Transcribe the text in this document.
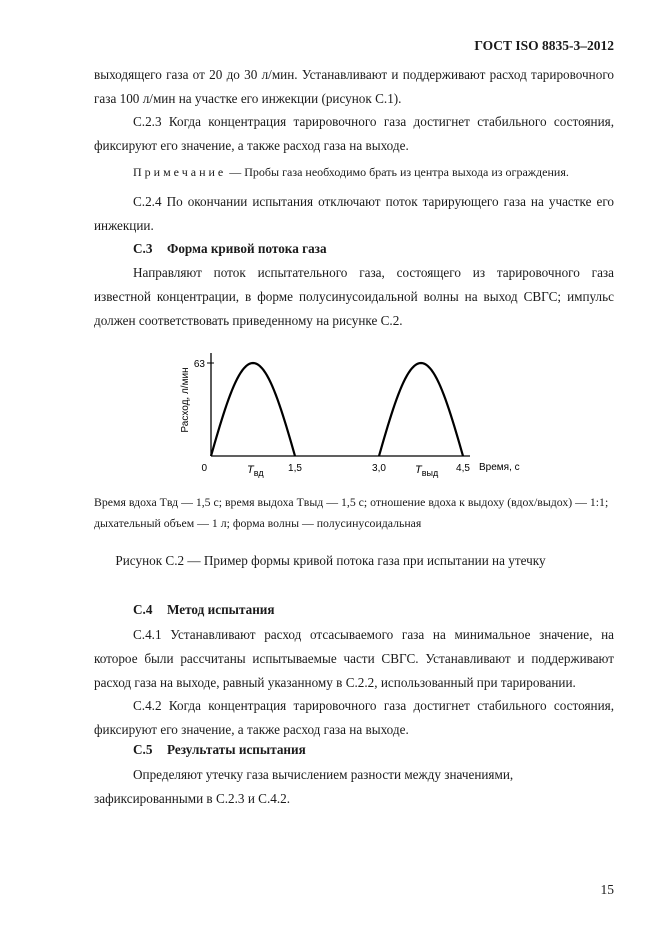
ГОСТ ISO 8835-3–2012
выходящего газа от 20 до 30 л/мин. Устанавливают и поддерживают расход тарировочного газа 100 л/мин на участке его инжекции (рисунок С.1).
С.2.3 Когда концентрация тарировочного газа достигнет стабильного состояния, фиксируют его значение, а также расход газа на выходе.
Примечание — Пробы газа необходимо брать из центра выхода из ограждения.
С.2.4 По окончании испытания отключают поток тарирующего газа на участке его инжекции.
С.3 Форма кривой потока газа
Направляют поток испытательного газа, состоящего из тарировочного газа известной концентрации, в форме полусинусоидальной волны на выход СВГС; импульс должен соответствовать приведенному на рисунке С.2.
63
0	1,5	3,0	4,5
$T_{вд}$	$T_{выд}$	Время, с
Расход, л/мин
Время вдоха Tвд — 1,5 с; время выдоха Tвыд — 1,5 с; отношение вдоха к выдоху (вдох/выдох) — 1:1; дыхательный объем — 1 л; форма волны — полусинусоидальная
Рисунок С.2 — Пример формы кривой потока газа при испытании на утечку
С.4 Метод испытания
С.4.1 Устанавливают расход отсасываемого газа на минимальное значение, на которое были рассчитаны испытываемые части СВГС. Устанавливают и поддерживают расход газа на выходе, равный указанному в С.2.2, использованный при тарировании.
С.4.2 Когда концентрация тарировочного газа достигнет стабильного состояния, фиксируют его значение, а также расход газа на выходе.
С.5 Результаты испытания
Определяют утечку газа вычислением разности между значениями,
зафиксированными в С.2.3 и С.4.2.
15
